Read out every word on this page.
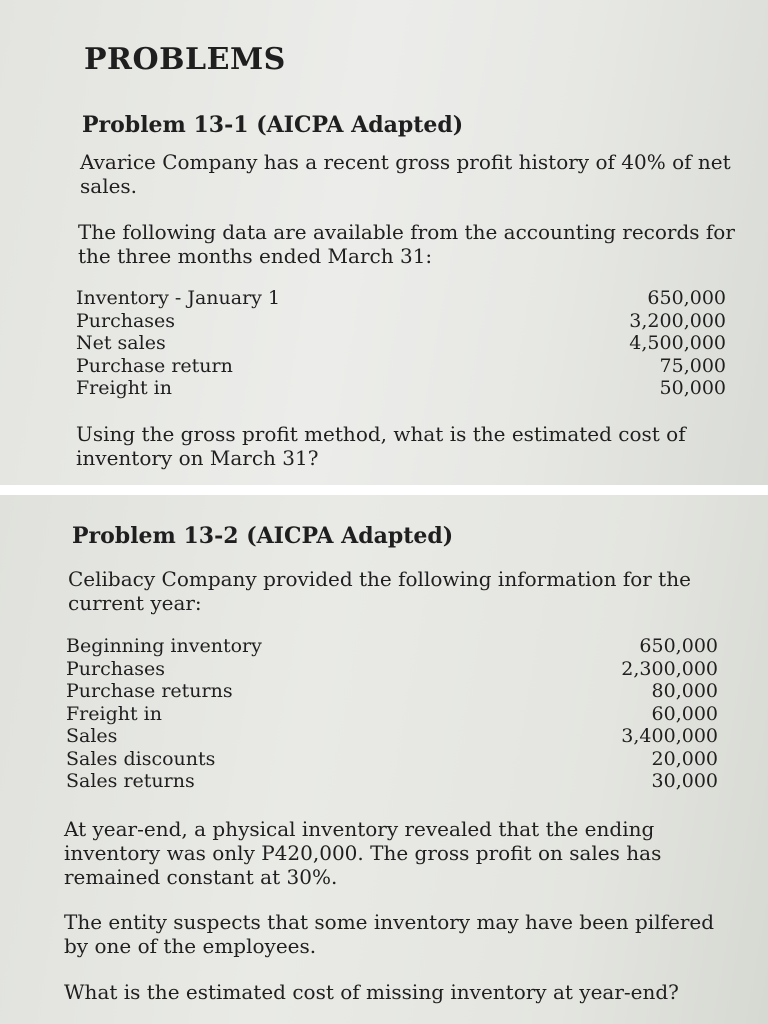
PROBLEMS
Problem 13-1 (AICPA Adapted)

Avarice Company has a recent gross profit history of 40% of net sales.

The following data are available from the accounting records for the three months ended March 31:

Inventory - January 1	650,000
Purchases	3,200,000
Net sales	4,500,000
Purchase return	75,000
Freight in	50,000

Using the gross profit method, what is the estimated cost of inventory on March 31?

Problem 13-2 (AICPA Adapted)

Celibacy Company provided the following information for the current year:

Beginning inventory	650,000
Purchases	2,300,000
Purchase returns	80,000
Freight in	60,000
Sales	3,400,000
Sales discounts	20,000
Sales returns	30,000

At year-end, a physical inventory revealed that the ending inventory was only P420,000. The gross profit on sales has remained constant at 30%.

The entity suspects that some inventory may have been pilfered by one of the employees.

What is the estimated cost of missing inventory at year-end?
